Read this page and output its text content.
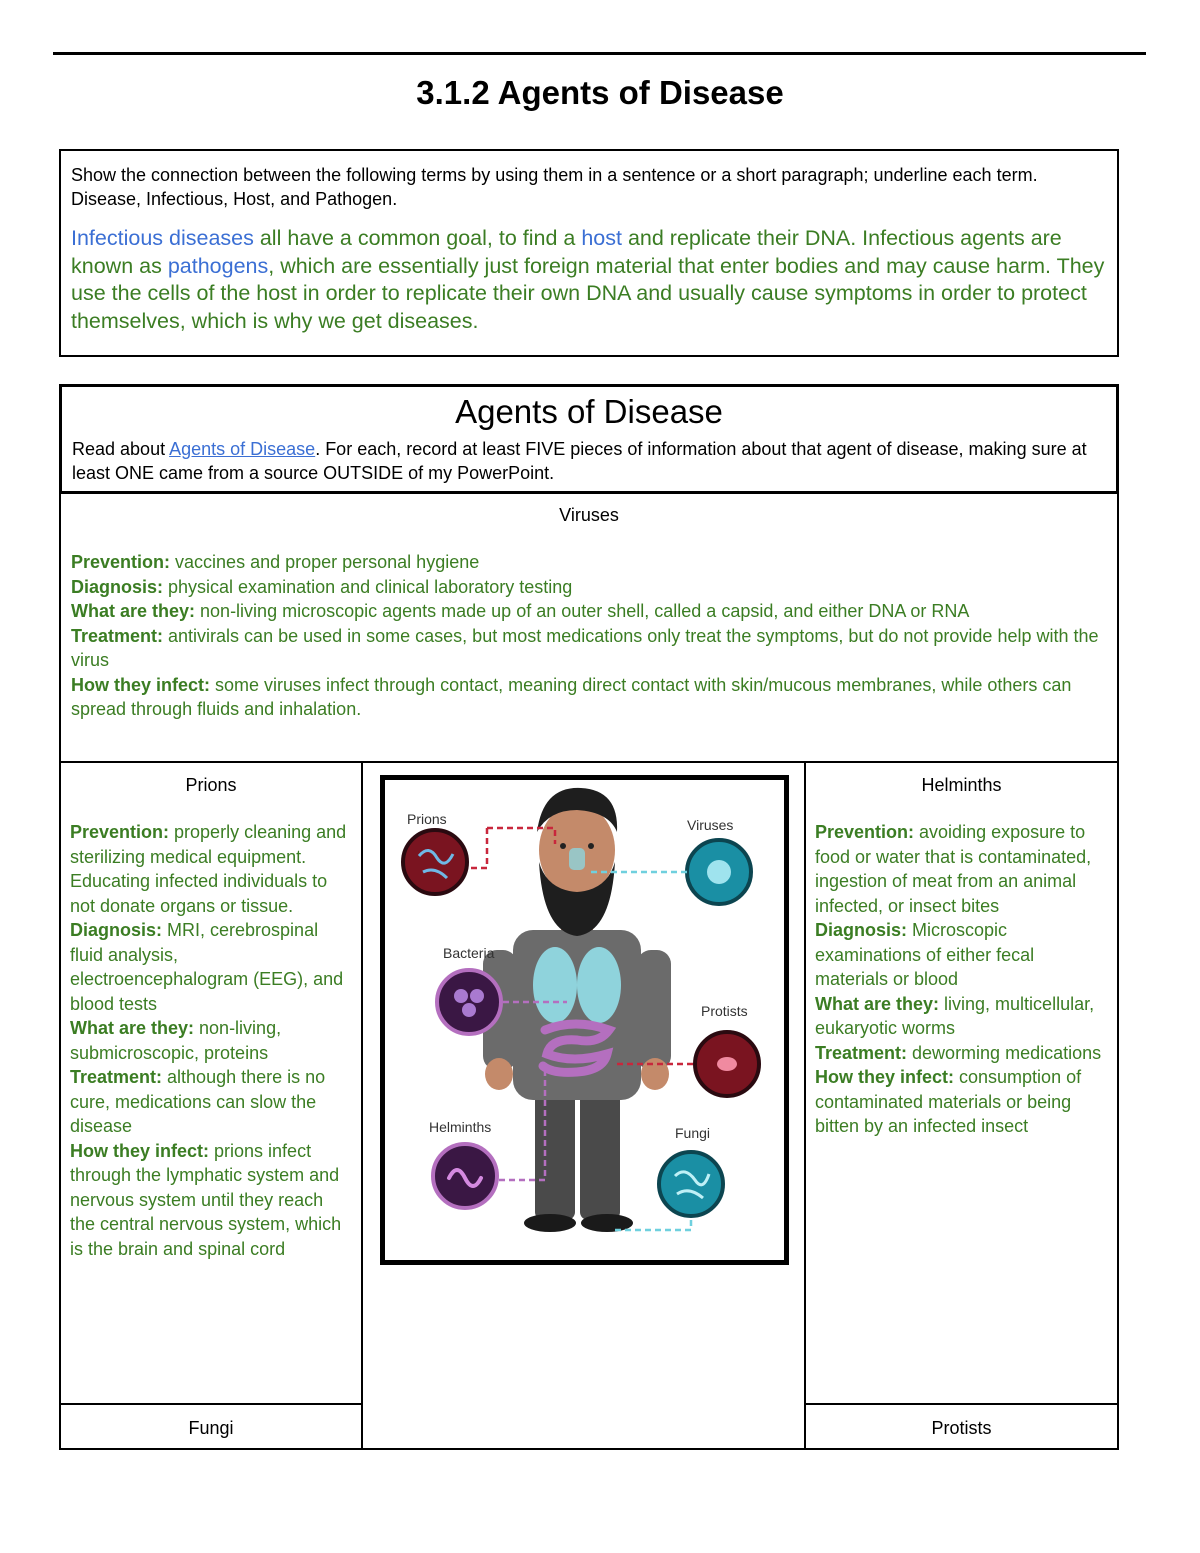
3.1.2 Agents of Disease

Show the connection between the following terms by using them in a sentence or a short paragraph; underline each term. Disease, Infectious, Host, and Pathogen.

Infectious diseases all have a common goal, to find a host and replicate their DNA. Infectious agents are known as pathogens, which are essentially just foreign material that enter bodies and may cause harm. They use the cells of the host in order to replicate their own DNA and usually cause symptoms in order to protect themselves, which is why we get diseases.

Agents of Disease

Read about Agents of Disease. For each, record at least FIVE pieces of information about that agent of disease, making sure at least ONE came from a source OUTSIDE of my PowerPoint.

Viruses

Prevention: vaccines and proper personal hygiene
Diagnosis: physical examination and clinical laboratory testing
What are they: non-living microscopic agents made up of an outer shell, called a capsid, and either DNA or RNA
Treatment: antivirals can be used in some cases, but most medications only treat the symptoms, but do not provide help with the virus
How they infect: some viruses infect through contact, meaning direct contact with skin/mucous membranes, while others can spread through fluids and inhalation.

Prions

Prevention: properly cleaning and sterilizing medical equipment. Educating infected individuals to not donate organs or tissue.
Diagnosis: MRI, cerebrospinal fluid analysis, electroencephalogram (EEG), and blood tests
What are they: non-living, submicroscopic, proteins
Treatment: although there is no cure, medications can slow the disease
How they infect: prions infect through the lymphatic system and nervous system until they reach the central nervous system, which is the brain and spinal cord

Prions	Viruses
Bacteria
Protists
Helminths	Fungi

Helminths

Prevention: avoiding exposure to food or water that is contaminated, ingestion of meat from an animal infected, or insect bites
Diagnosis: Microscopic examinations of either fecal materials or blood
What are they: living, multicellular, eukaryotic worms
Treatment: deworming medications
How they infect: consumption of contaminated materials or being bitten by an infected insect

Fungi	Protists
